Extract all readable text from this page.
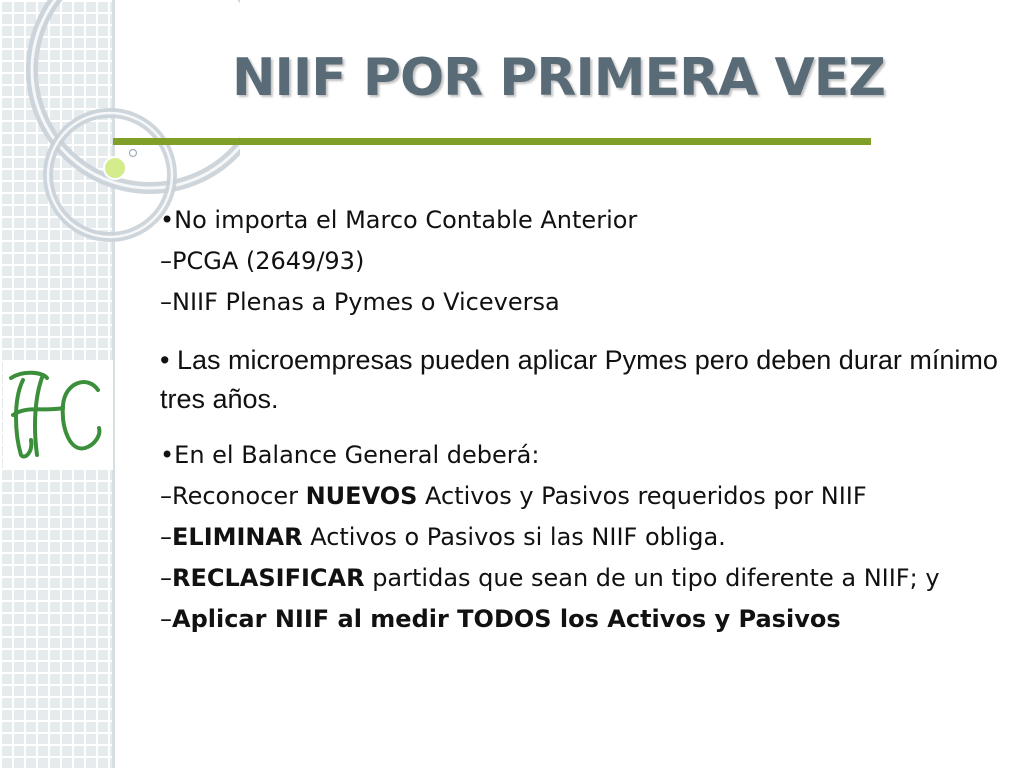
NIIF POR PRIMERA VEZ
•No importa el Marco Contable Anterior
–PCGA (2649/93)
–NIIF Plenas a Pymes o Viceversa
• Las microempresas pueden aplicar Pymes pero deben durar mínimo tres años.
•En el Balance General deberá:
–Reconocer NUEVOS Activos y Pasivos requeridos por NIIF
–ELIMINAR Activos o Pasivos si las NIIF obliga.
–RECLASIFICAR partidas que sean de un tipo diferente a NIIF; y
–Aplicar NIIF al medir TODOS los Activos y Pasivos
